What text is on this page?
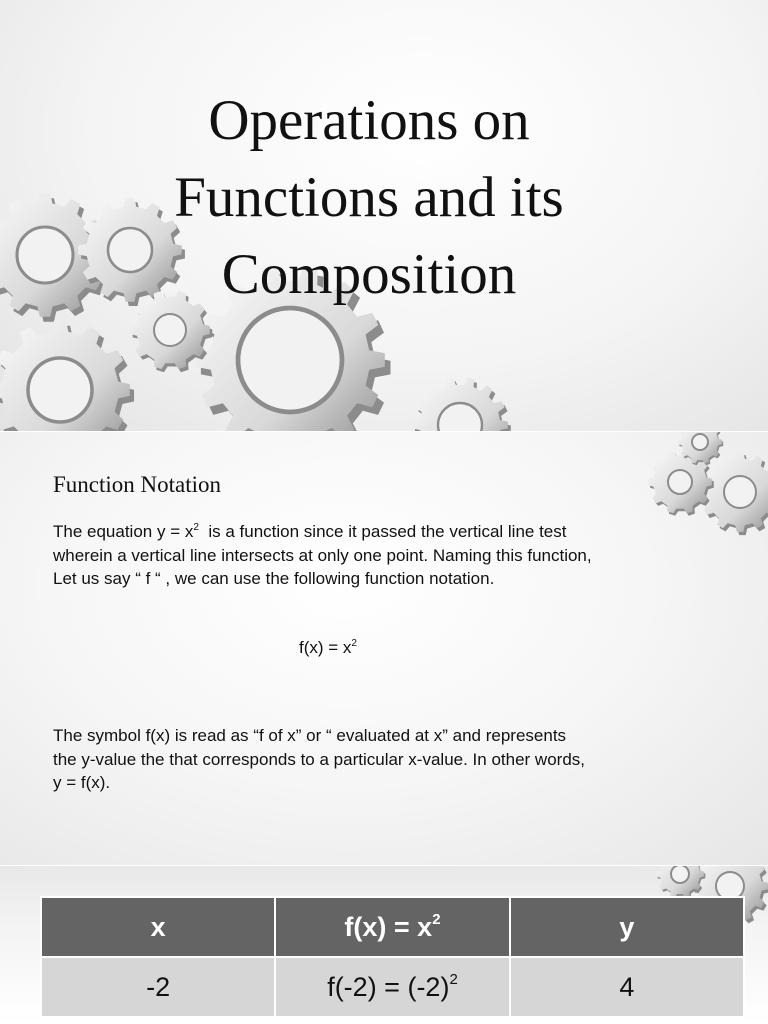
Operations on
Functions and its
Composition
Function Notation

The equation $y = x^2$  is a function since it passed the vertical line test
wherein a vertical line intersects at only one point. Naming this function,
Let us say “ f “ , we can use the following function notation.

$f(x) = x^2$

The symbol f(x) is read as “f of x” or “ evaluated at x” and represents
the y-value the that corresponds to a particular x-value. In other words,
y = f(x).

x	$f(x) = x^2$	y
-2	$f(-2) = (-2)^2$	4
